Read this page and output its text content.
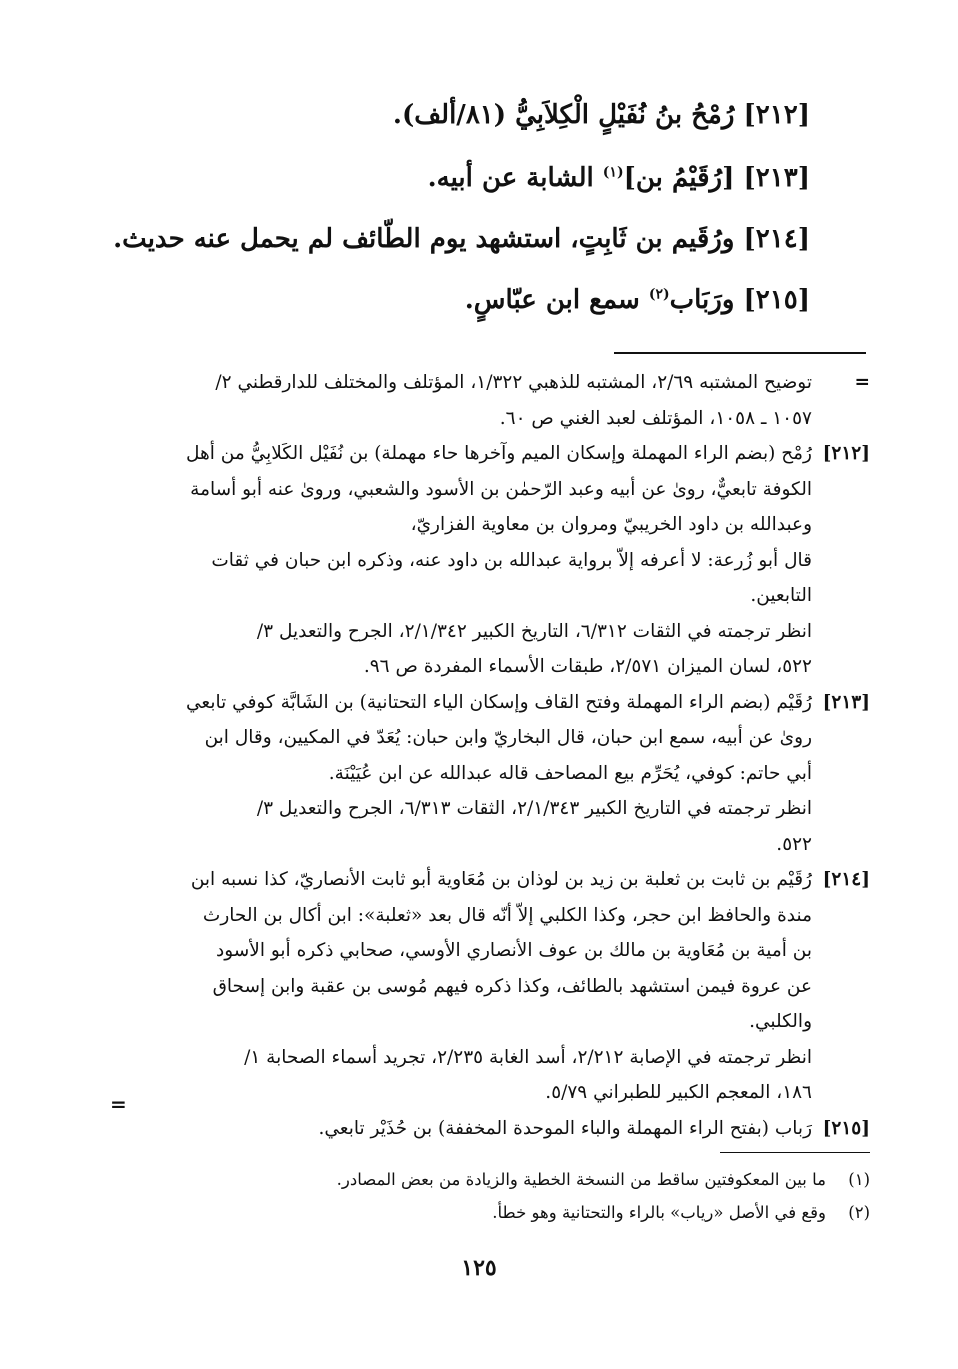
[٢١٢] رُمْحُ بنُ نُفَيْلٍ الْكِلاَبِيُّ (٨١/ألف).
[٢١٣] [رُقَيْمُ بن]$^{(١)}$ الشابة عن أبيه.
[٢١٤] ورُقَيم بن ثَابِتٍ، استشهد يوم الطّائف لم يحمل عنه حديث.
[٢١٥] ورَبَاب$^{(٢)}$ سمع ابن عبّاسٍ.
=
توضيح المشتبه ٢/٦٩، المشتبه للذهبي ١/٣٢٢، المؤتلف والمختلف للدارقطني ٢/
١٠٥٧ ـ ١٠٥٨، المؤتلف لعبد الغني ص ٦٠.
[٢١٢]
رُمْح (بضم الراء المهملة وإسكان الميم وآخرها حاء مهملة) بن نُفَيْل الكَلابِيُّ من أهل
الكوفة تابعيٌّ، روىٰ عن أبيه وعبد الرّحمٰن بن الأسود والشعبي، وروىٰ عنه أبو أسامة
وعبدالله بن داود الخريبيّ ومروان بن معاوية الفزاريّ،
قال أبو زُرعة: لا أعرفه إلاّ برواية عبدالله بن داود عنه، وذكره ابن حبان في ثقات
التابعين.
انظر ترجمته في الثقات ٦/٣١٢، التاريخ الكبير ٢/١/٣٤٢، الجرح والتعديل ٣/
٥٢٢، لسان الميزان ٢/٥٧١، طبقات الأسماء المفردة ص ٩٦.
[٢١٣]
رُقَيْم (بضم الراء المهملة وفتح القاف وإسكان الياء التحتانية) بن الشَابَّة كوفي تابعي
روىٰ عن أبيه، سمع ابن حبان، قال البخاريّ وابن حبان: يُعَدّ في المكيين، وقال ابن
أبي حاتم: كوفي، يُحَرِّم بيع المصاحف قاله عبدالله عن ابن عُيَيْنَة.
انظر ترجمته في التاريخ الكبير ٢/١/٣٤٣، الثقات ٦/٣١٣، الجرح والتعديل ٣/
٥٢٢.
[٢١٤]
رُقَيْم بن ثابت بن ثعلبة بن زيد بن لوذان بن مُعَاوية أبو ثابت الأنصاريّ، كذا نسبه ابن
مندة والحافظ ابن حجر، وكذا الكلبي إلاّ أنّه قال بعد «ثعلبة»: ابن أكال بن الحارث
بن أمية بن مُعَاوية بن مالك بن عوف الأنصاري الأوسي، صحابي ذكره أبو الأسود
عن عروة فيمن استشهد بالطائف، وكذا ذكره فيهم مُوسى بن عقبة وابن إسحاق
والكلبي.
انظر ترجمته في الإصابة ٢/٢١٢، أسد الغابة ٢/٢٣٥، تجريد أسماء الصحابة ١/
١٨٦، المعجم الكبير للطبراني ٥/٧٩.
[٢١٥]
رَباب (بفتح الراء المهملة والباء الموحدة المخففة) بن حُذَيْر تابعي.
=
(١)
ما بين المعكوفتين ساقط من النسخة الخطية والزيادة من بعض المصادر.
(٢)
وقع في الأصل «رياب» بالراء والتحتانية وهو خطأ.
١٢٥
